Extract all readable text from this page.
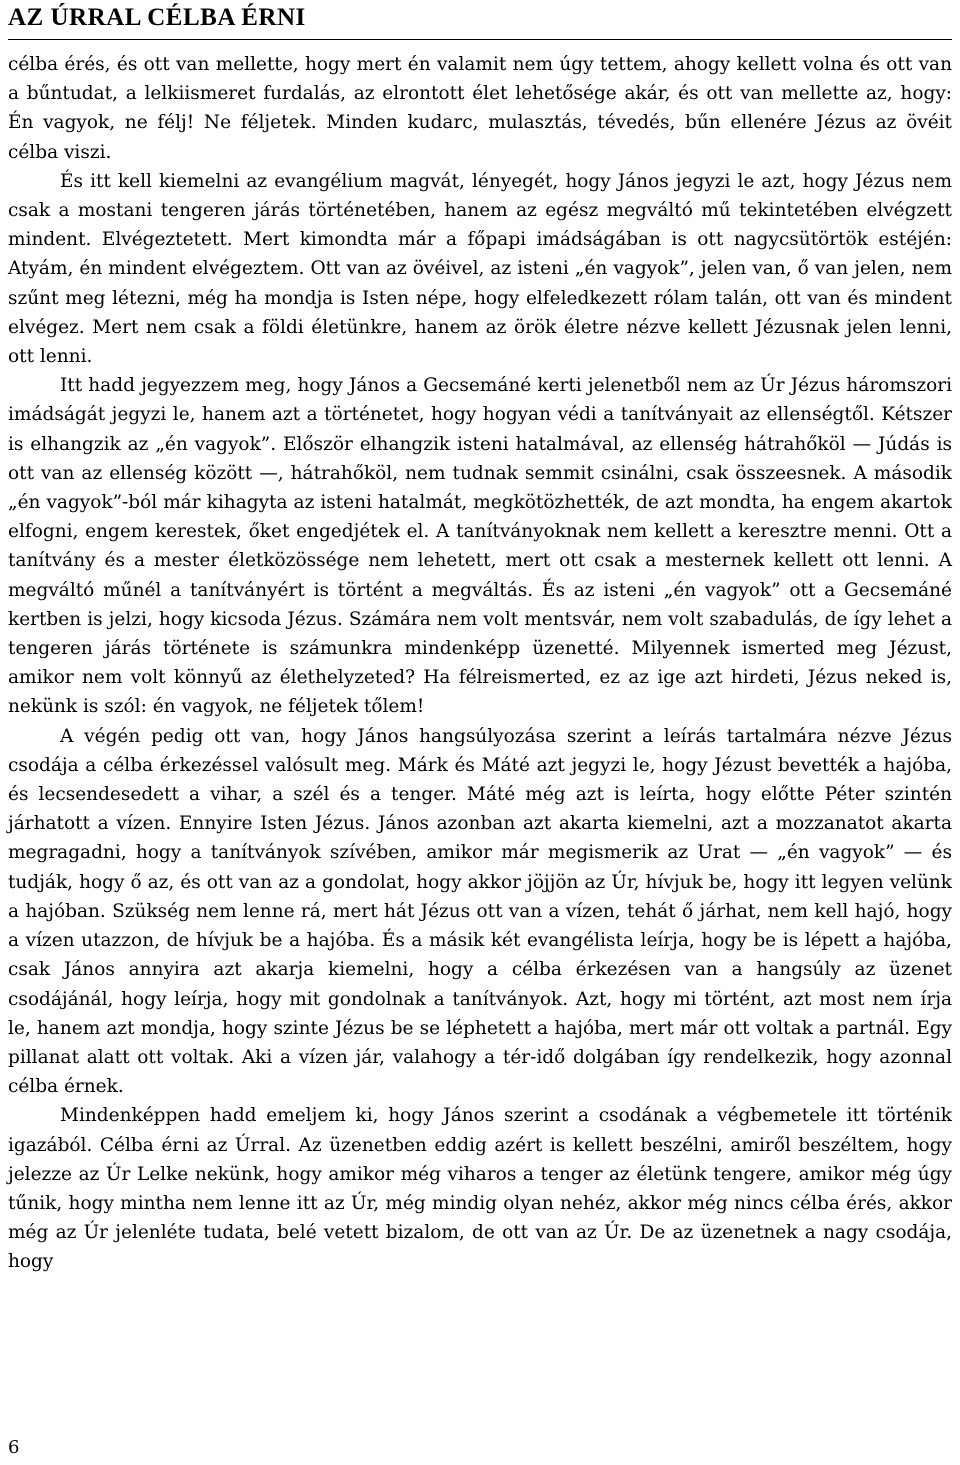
AZ ÚRRAL CÉLBA ÉRNI

célba érés, és ott van mellette, hogy mert én valamit nem úgy tettem, ahogy kellett volna és ott van a bűntudat, a lelkiismeret furdalás, az elrontott élet lehetősége akár, és ott van mellette az, hogy: Én vagyok, ne félj! Ne féljetek. Minden kudarc, mulasztás, tévedés, bűn ellenére Jézus az övéit célba viszi.

És itt kell kiemelni az evangélium magvát, lényegét, hogy János jegyzi le azt, hogy Jézus nem csak a mostani tengeren járás történetében, hanem az egész megváltó mű tekintetében elvégzett mindent. Elvégeztetett. Mert kimondta már a főpapi imádságában is ott nagycsütörtök estéjén: Atyám, én mindent elvégeztem. Ott van az övéivel, az isteni „én vagyok”, jelen van, ő van jelen, nem szűnt meg létezni, még ha mondja is Isten népe, hogy elfeledkezett rólam talán, ott van és mindent elvégez. Mert nem csak a földi életünkre, hanem az örök életre nézve kellett Jézusnak jelen lenni, ott lenni.

Itt hadd jegyezzem meg, hogy János a Gecsemáné kerti jelenetből nem az Úr Jézus háromszori imádságát jegyzi le, hanem azt a történetet, hogy hogyan védi a tanítványait az ellenségtől. Kétszer is elhangzik az „én vagyok”. Először elhangzik isteni hatalmával, az ellenség hátrahőköl — Júdás is ott van az ellenség között —, hátrahőköl, nem tudnak semmit csinálni, csak összeesnek. A második „én vagyok”-ból már kihagyta az isteni hatalmát, megkötözhették, de azt mondta, ha engem akartok elfogni, engem kerestek, őket engedjétek el. A tanítványoknak nem kellett a keresztre menni. Ott a tanítvány és a mester életközössége nem lehetett, mert ott csak a mesternek kellett ott lenni. A megváltó műnél a tanítványért is történt a megváltás. És az isteni „én vagyok” ott a Gecsemáné kertben is jelzi, hogy kicsoda Jézus. Számára nem volt mentsvár, nem volt szabadulás, de így lehet a tengeren járás története is számunkra mindenképp üzenetté. Milyennek ismerted meg Jézust, amikor nem volt könnyű az élethelyzeted? Ha félreismerted, ez az ige azt hirdeti, Jézus neked is, nekünk is szól: én vagyok, ne féljetek tőlem!

A végén pedig ott van, hogy János hangsúlyozása szerint a leírás tartalmára nézve Jézus csodája a célba érkezéssel valósult meg. Márk és Máté azt jegyzi le, hogy Jézust bevették a hajóba, és lecsendesedett a vihar, a szél és a tenger. Máté még azt is leírta, hogy előtte Péter szintén járhatott a vízen. Ennyire Isten Jézus. János azonban azt akarta kiemelni, azt a mozzanatot akarta megragadni, hogy a tanítványok szívében, amikor már megismerik az Urat — „én vagyok” — és tudják, hogy ő az, és ott van az a gondolat, hogy akkor jöjjön az Úr, hívjuk be, hogy itt legyen velünk a hajóban. Szükség nem lenne rá, mert hát Jézus ott van a vízen, tehát ő járhat, nem kell hajó, hogy a vízen utazzon, de hívjuk be a hajóba. És a másik két evangélista leírja, hogy be is lépett a hajóba, csak János annyira azt akarja kiemelni, hogy a célba érkezésen van a hangsúly az üzenet csodájánál, hogy leírja, hogy mit gondolnak a tanítványok. Azt, hogy mi történt, azt most nem írja le, hanem azt mondja, hogy szinte Jézus be se léphetett a hajóba, mert már ott voltak a partnál. Egy pillanat alatt ott voltak. Aki a vízen jár, valahogy a tér-idő dolgában így rendelkezik, hogy azonnal célba érnek.

Mindenképpen hadd emeljem ki, hogy János szerint a csodának a végbemetele itt történik igazából. Célba érni az Úrral. Az üzenetben eddig azért is kellett beszélni, amiről beszéltem, hogy jelezze az Úr Lelke nekünk, hogy amikor még viharos a tenger az életünk tengere, amikor még úgy tűnik, hogy mintha nem lenne itt az Úr, még mindig olyan nehéz, akkor még nincs célba érés, akkor még az Úr jelenléte tudata, belé vetett bizalom, de ott van az Úr. De az üzenetnek a nagy csodája, hogy

6
